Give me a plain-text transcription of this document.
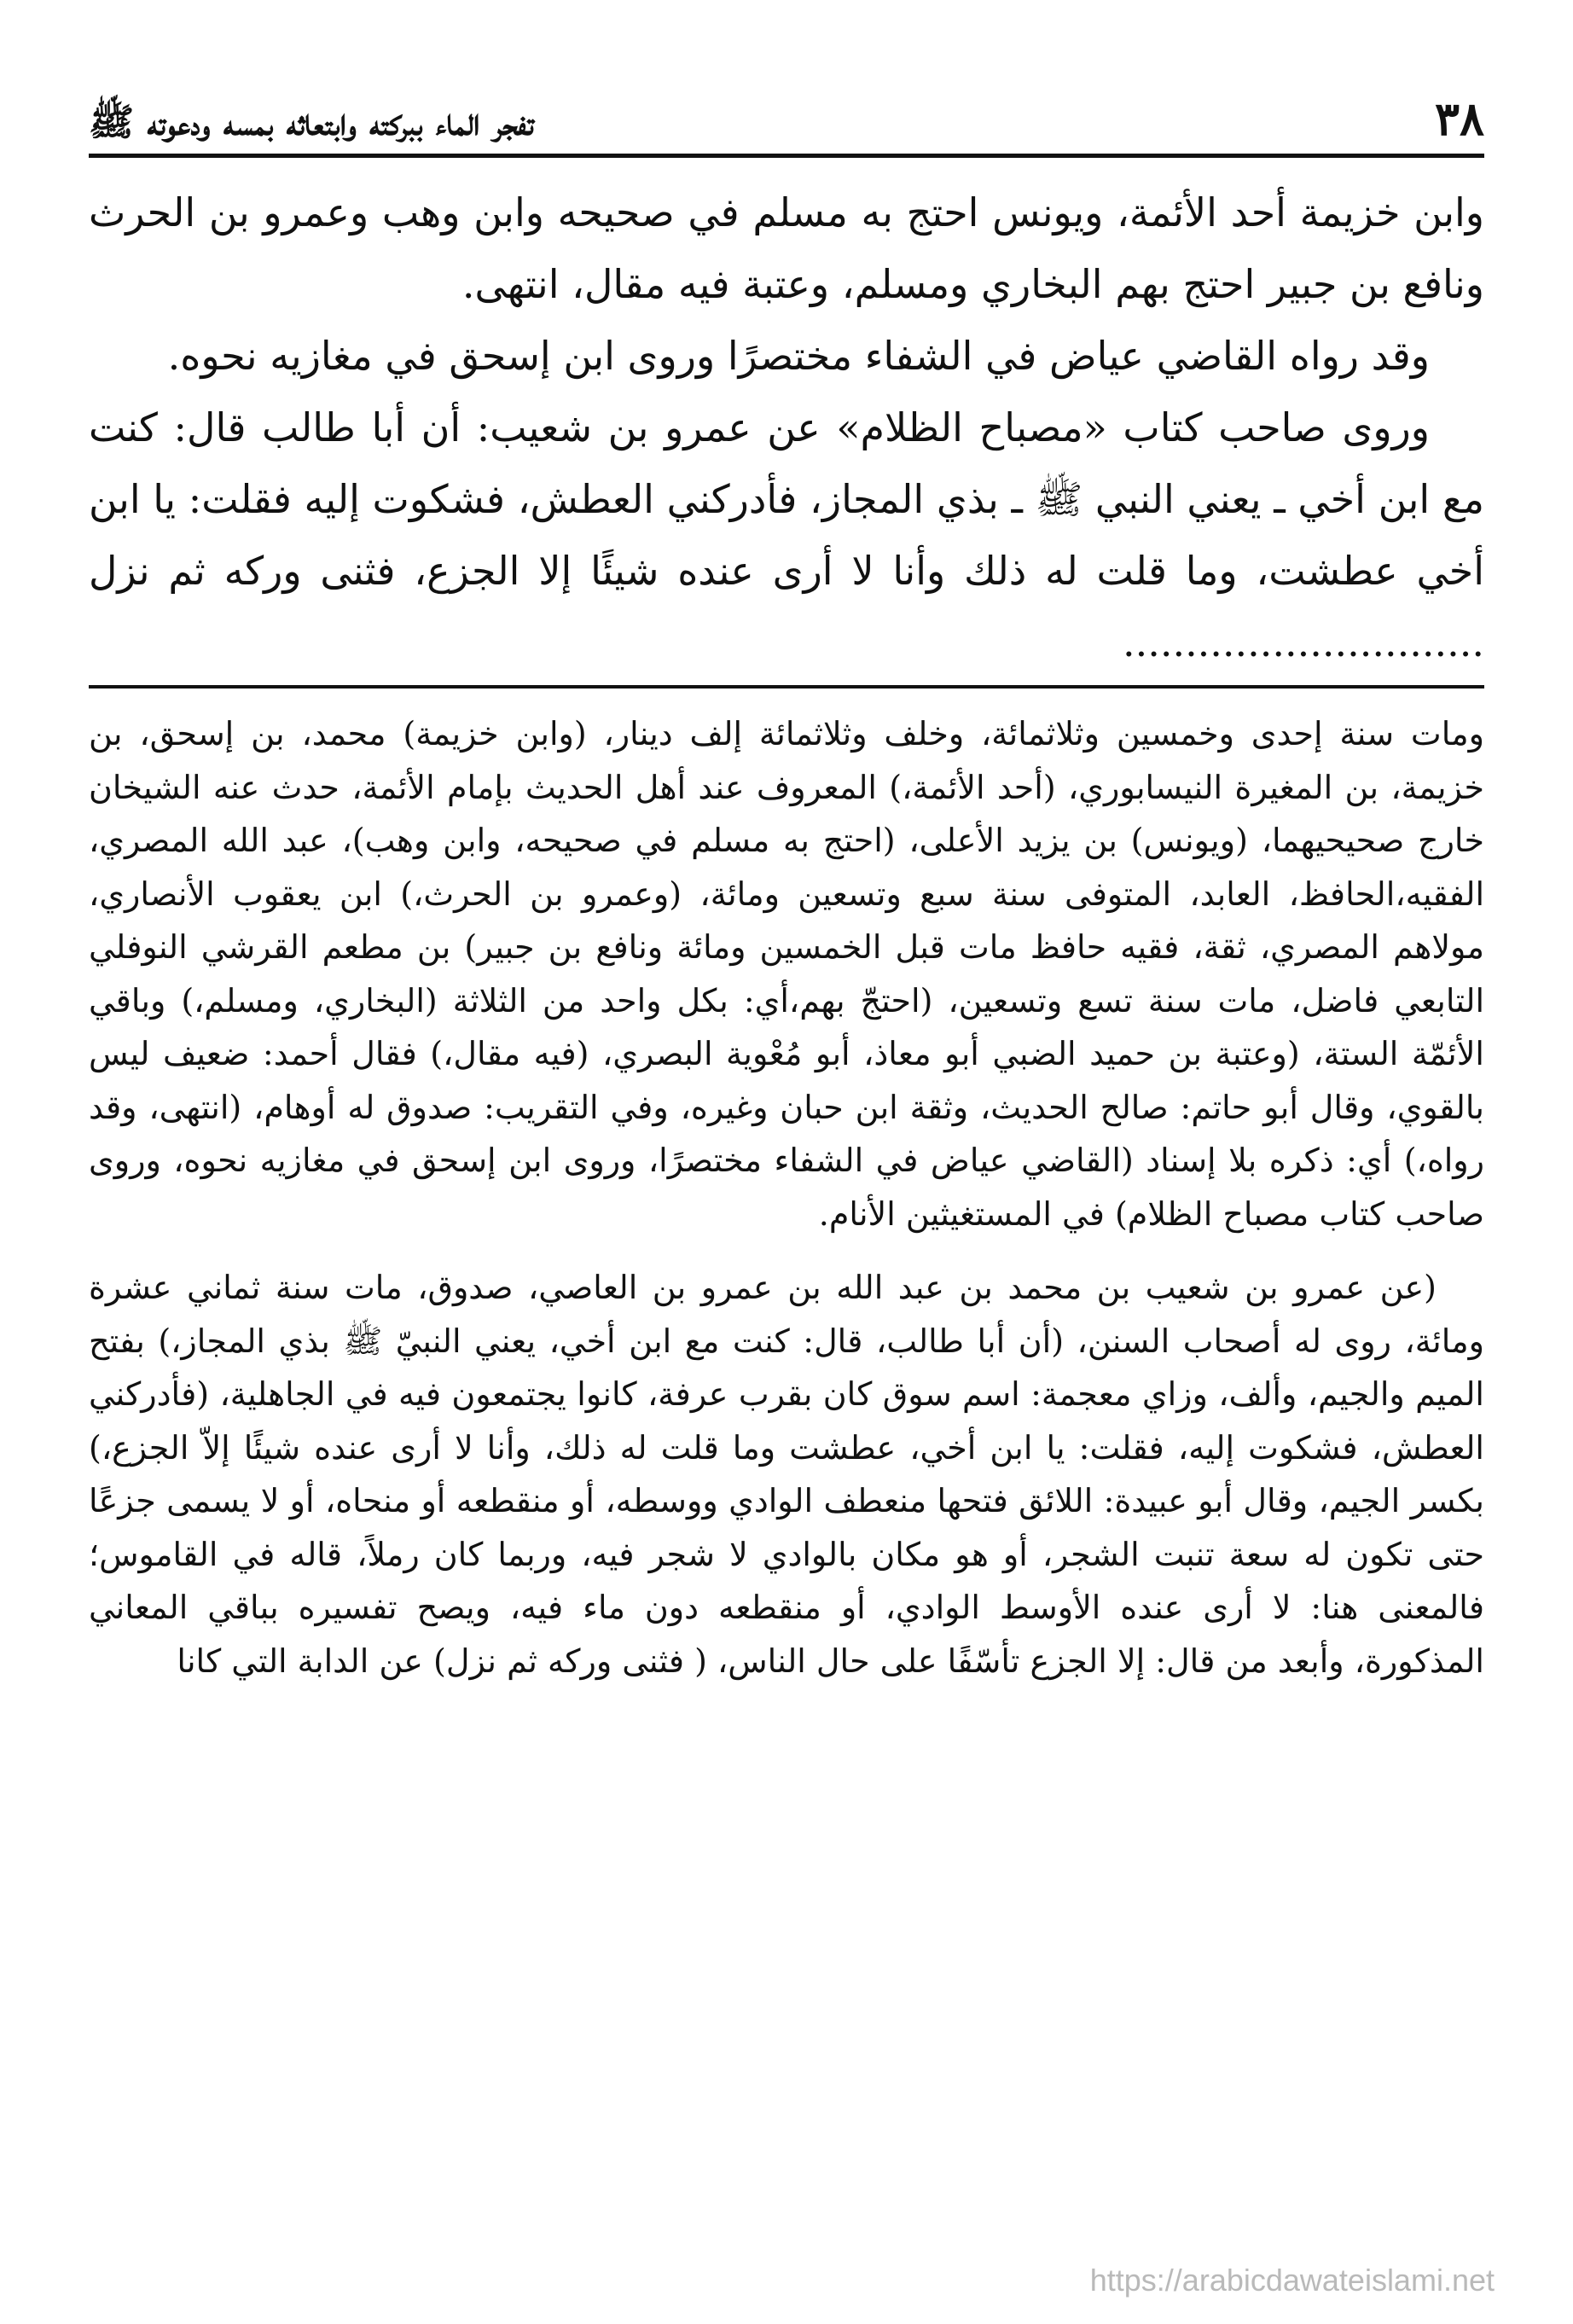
٣٨
تفجر الماء ببركته وابتعاثه بمسه ودعوته ﷺ

وابن خزيمة أحد الأئمة، ويونس احتج به مسلم في صحيحه وابن وهب وعمرو بن الحرث ونافع بن جبير احتج بهم البخاري ومسلم، وعتبة فيه مقال، انتهى.

وقد رواه القاضي عياض في الشفاء مختصرًا وروى ابن إسحق في مغازيه نحوه.

وروى صاحب كتاب «مصباح الظلام» عن عمرو بن شعيب: أن أبا طالب قال: كنت مع ابن أخي ـ يعني النبي ﷺ ـ بذي المجاز، فأدركني العطش، فشكوت إليه فقلت: يا ابن أخي عطشت، وما قلت له ذلك وأنا لا أرى عنده شيئًا إلا الجزع، فثنى وركه ثم نزل .............................

ومات سنة إحدى وخمسين وثلاثمائة، وخلف وثلاثمائة إلف دينار، (وابن خزيمة) محمد، بن إسحق، بن خزيمة، بن المغيرة النيسابوري، (أحد الأئمة،) المعروف عند أهل الحديث بإمام الأئمة، حدث عنه الشيخان خارج صحيحيهما، (ويونس) بن يزيد الأعلى، (احتج به مسلم في صحيحه، وابن وهب)، عبد الله المصري، الفقيه،الحافظ، العابد، المتوفى سنة سبع وتسعين ومائة، (وعمرو بن الحرث،) ابن يعقوب الأنصاري، مولاهم المصري، ثقة، فقيه حافظ مات قبل الخمسين ومائة ونافع بن جبير) بن مطعم القرشي النوفلي التابعي فاضل، مات سنة تسع وتسعين، (احتجّ بهم،أي: بكل واحد من الثلاثة (البخاري، ومسلم،) وباقي الأئمّة الستة، (وعتبة بن حميد الضبي أبو معاذ، أبو مُعْوية البصري، (فيه مقال،) فقال أحمد: ضعيف ليس بالقوي، وقال أبو حاتم: صالح الحديث، وثقة ابن حبان وغيره، وفي التقريب: صدوق له أوهام، (انتهى، وقد رواه،) أي: ذكره بلا إسناد (القاضي عياض في الشفاء مختصرًا، وروى ابن إسحق في مغازيه نحوه، وروى صاحب كتاب مصباح الظلام) في المستغيثين الأنام.

(عن عمرو بن شعيب بن محمد بن عبد الله بن عمرو بن العاصي، صدوق، مات سنة ثماني عشرة ومائة، روى له أصحاب السنن، (أن أبا طالب، قال: كنت مع ابن أخي، يعني النبيّ ﷺ بذي المجاز،) بفتح الميم والجيم، وألف، وزاي معجمة: اسم سوق كان بقرب عرفة، كانوا يجتمعون فيه في الجاهلية، (فأدركني العطش، فشكوت إليه، فقلت: يا ابن أخي، عطشت وما قلت له ذلك، وأنا لا أرى عنده شيئًا إلاّ الجزع،) بكسر الجيم، وقال أبو عبيدة: اللائق فتحها منعطف الوادي ووسطه، أو منقطعه أو منحاه، أو لا يسمى جزعًا حتى تكون له سعة تنبت الشجر، أو هو مكان بالوادي لا شجر فيه، وربما كان رملاً، قاله في القاموس؛ فالمعنى هنا: لا أرى عنده الأوسط الوادي، أو منقطعه دون ماء فيه، ويصح تفسيره بباقي المعاني المذكورة، وأبعد من قال: إلا الجزع تأسّفًا على حال الناس، ( فثنى وركه ثم نزل) عن الدابة التي كانا

https://arabicdawateislami.net
